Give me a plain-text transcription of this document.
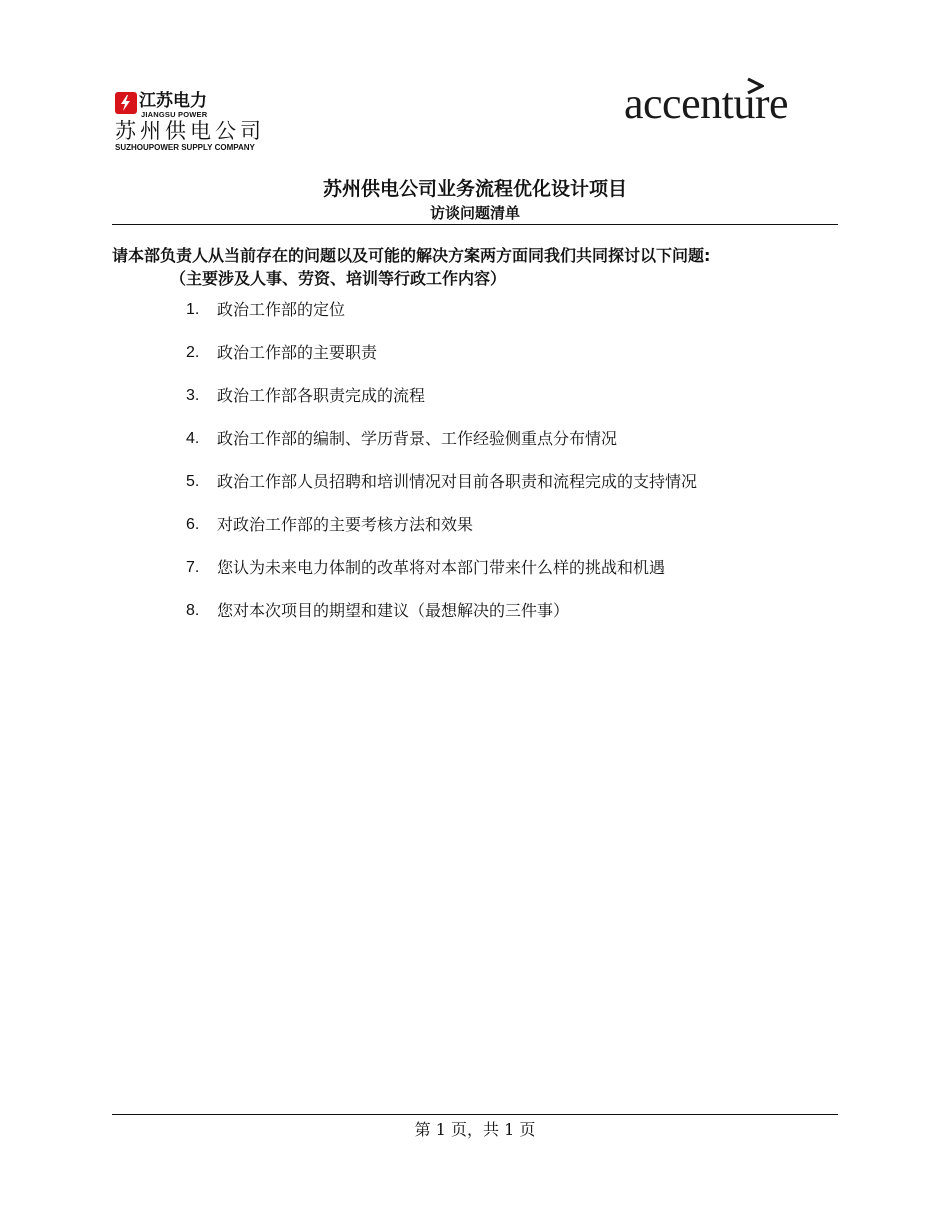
江苏电力
JIANGSU POWER
苏州供电公司
SUZHOUPOWER SUPPLY COMPANY
accenture
苏州供电公司业务流程优化设计项目
访谈问题清单
请本部负责人从当前存在的问题以及可能的解决方案两方面同我们共同探讨以下问题:
（主要涉及人事、劳资、培训等行政工作内容）
1.	政治工作部的定位
2.	政治工作部的主要职责
3.	政治工作部各职责完成的流程
4.	政治工作部的编制、学历背景、工作经验侧重点分布情况
5.	政治工作部人员招聘和培训情况对目前各职责和流程完成的支持情况
6.	对政治工作部的主要考核方法和效果
7.	您认为未来电力体制的改革将对本部门带来什么样的挑战和机遇
8.	您对本次项目的期望和建议（最想解决的三件事）
第 1 页，共 1 页
